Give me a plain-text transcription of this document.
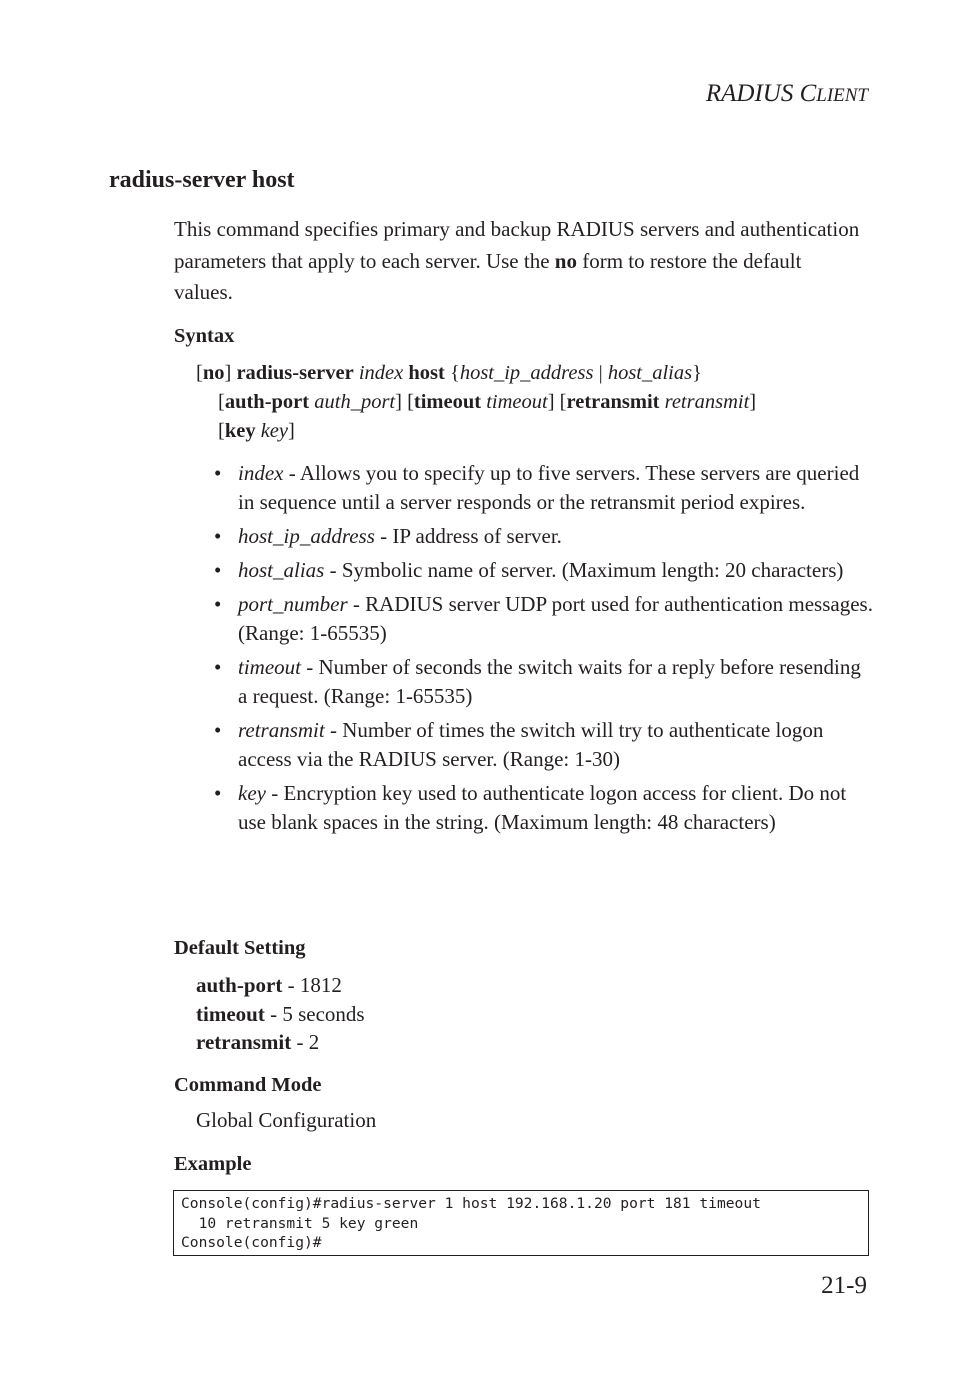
RADIUS CLIENT
radius-server host
This command specifies primary and backup RADIUS servers and authentication parameters that apply to each server. Use the no form to restore the default values.
Syntax
[no] radius-server index host {host_ip_address | host_alias}
[auth-port auth_port] [timeout timeout] [retransmit retransmit]
[key key]
• index - Allows you to specify up to five servers. These servers are queried in sequence until a server responds or the retransmit period expires.
• host_ip_address - IP address of server.
• host_alias - Symbolic name of server. (Maximum length: 20 characters)
• port_number - RADIUS server UDP port used for authentication messages. (Range: 1-65535)
• timeout - Number of seconds the switch waits for a reply before resending a request. (Range: 1-65535)
• retransmit - Number of times the switch will try to authenticate logon access via the RADIUS server. (Range: 1-30)
• key - Encryption key used to authenticate logon access for client. Do not use blank spaces in the string. (Maximum length: 48 characters)
Default Setting
auth-port - 1812
timeout - 5 seconds
retransmit - 2
Command Mode
Global Configuration
Example
Console(config)#radius-server 1 host 192.168.1.20 port 181 timeout
10 retransmit 5 key green
Console(config)#
21-9
